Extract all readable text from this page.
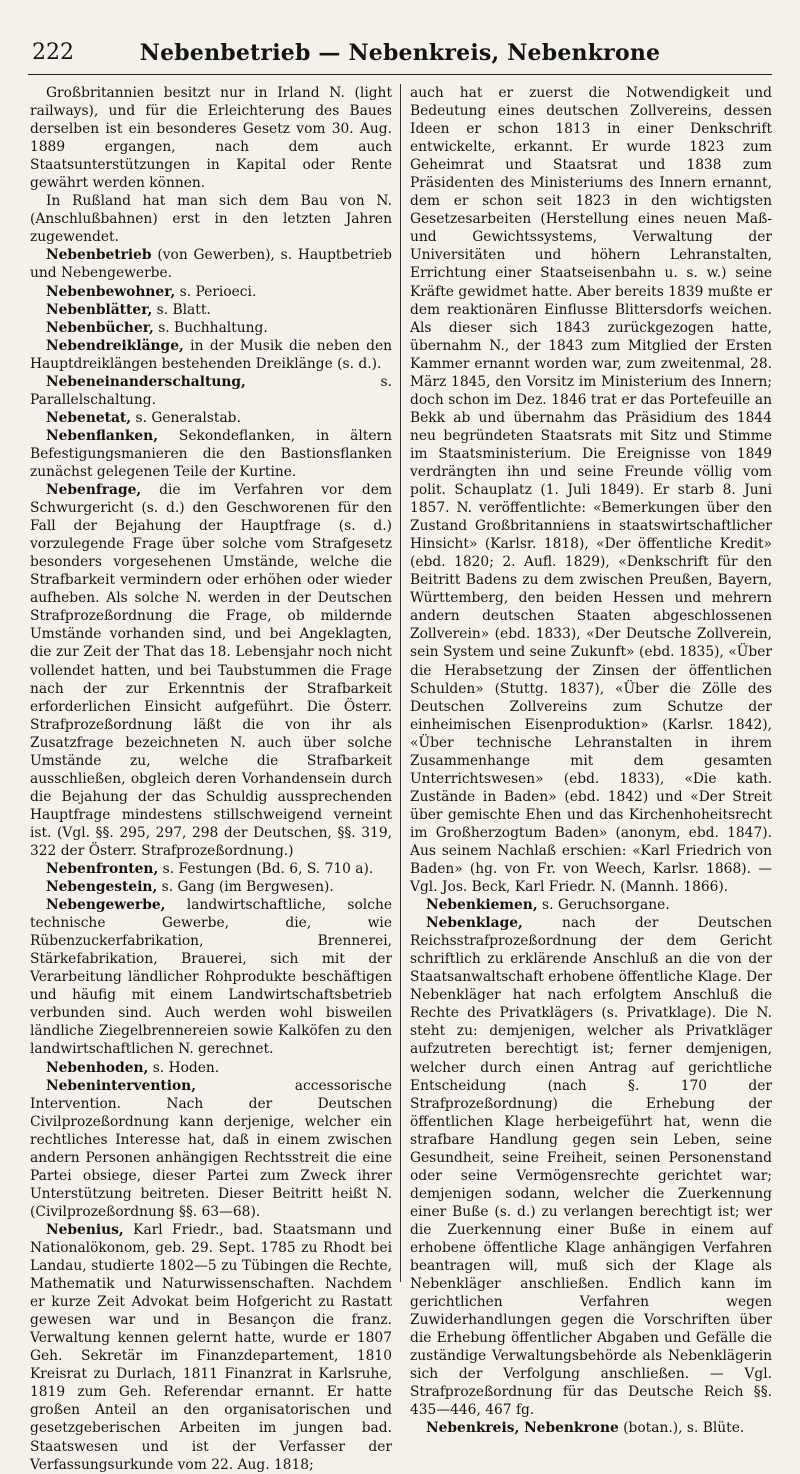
222	Nebenbetrieb — Nebenkreis, Nebenkrone

Großbritannien besitzt nur in Irland N. (light railways), und für die Erleichterung des Baues derselben ist ein besonderes Gesetz vom 30. Aug. 1889 ergangen, nach dem auch Staatsunterstützungen in Kapital oder Rente gewährt werden können.

In Rußland hat man sich dem Bau von N. (Anschlußbahnen) erst in den letzten Jahren zugewendet.

Nebenbetrieb (von Gewerben), s. Hauptbetrieb und Nebengewerbe.

Nebenbewohner, s. Perioeci.

Nebenblätter, s. Blatt.

Nebenbücher, s. Buchhaltung.

Nebendreiklänge, in der Musik die neben den Hauptdreiklängen bestehenden Dreiklänge (s. d.).

Nebeneinanderschaltung, s. Parallelschaltung.

Nebenetat, s. Generalstab.

Nebenflanken, Sekondeflanken, in ältern Befestigungsmanieren die den Bastionsflanken zunächst gelegenen Teile der Kurtine.

Nebenfrage, die im Verfahren vor dem Schwurgericht (s. d.) den Geschworenen für den Fall der Bejahung der Hauptfrage (s. d.) vorzulegende Frage über solche vom Strafgesetz besonders vorgesehenen Umstände, welche die Strafbarkeit vermindern oder erhöhen oder wieder aufheben. Als solche N. werden in der Deutschen Strafprozeßordnung die Frage, ob mildernde Umstände vorhanden sind, und bei Angeklagten, die zur Zeit der That das 18. Lebensjahr noch nicht vollendet hatten, und bei Taubstummen die Frage nach der zur Erkenntnis der Strafbarkeit erforderlichen Einsicht aufgeführt. Die Österr. Strafprozeßordnung läßt die von ihr als Zusatzfrage bezeichneten N. auch über solche Umstände zu, welche die Strafbarkeit ausschließen, obgleich deren Vorhandensein durch die Bejahung der das Schuldig aussprechenden Hauptfrage mindestens stillschweigend verneint ist. (Vgl. §§. 295, 297, 298 der Deutschen, §§. 319, 322 der Österr. Strafprozeßordnung.)

Nebenfronten, s. Festungen (Bd. 6, S. 710 a).

Nebengestein, s. Gang (im Bergwesen).

Nebengewerbe, landwirtschaftliche, solche technische Gewerbe, die, wie Rübenzuckerfabrikation, Brennerei, Stärkefabrikation, Brauerei, sich mit der Verarbeitung ländlicher Rohprodukte beschäftigen und häufig mit einem Landwirtschaftsbetrieb verbunden sind. Auch werden wohl bisweilen ländliche Ziegelbrennereien sowie Kalköfen zu den landwirtschaftlichen N. gerechnet.

Nebenhoden, s. Hoden.

Nebenintervention, accessorische Intervention. Nach der Deutschen Civilprozeßordnung kann derjenige, welcher ein rechtliches Interesse hat, daß in einem zwischen andern Personen anhängigen Rechtsstreit die eine Partei obsiege, dieser Partei zum Zweck ihrer Unterstützung beitreten. Dieser Beitritt heißt N. (Civilprozeßordnung §§. 63—68).

Nebenius, Karl Friedr., bad. Staatsmann und Nationalökonom, geb. 29. Sept. 1785 zu Rhodt bei Landau, studierte 1802—5 zu Tübingen die Rechte, Mathematik und Naturwissenschaften. Nachdem er kurze Zeit Advokat beim Hofgericht zu Rastatt gewesen war und in Besançon die franz. Verwaltung kennen gelernt hatte, wurde er 1807 Geh. Sekretär im Finanzdepartement, 1810 Kreisrat zu Durlach, 1811 Finanzrat in Karlsruhe, 1819 zum Geh. Referendar ernannt. Er hatte großen Anteil an den organisatorischen und gesetzgeberischen Arbeiten im jungen bad. Staatswesen und ist der Verfasser der Verfassungsurkunde vom 22. Aug. 1818;

auch hat er zuerst die Notwendigkeit und Bedeutung eines deutschen Zollvereins, dessen Ideen er schon 1813 in einer Denkschrift entwickelte, erkannt. Er wurde 1823 zum Geheimrat und Staatsrat und 1838 zum Präsidenten des Ministeriums des Innern ernannt, dem er schon seit 1823 in den wichtigsten Gesetzesarbeiten (Herstellung eines neuen Maß- und Gewichtssystems, Verwaltung der Universitäten und höhern Lehranstalten, Errichtung einer Staatseisenbahn u. s. w.) seine Kräfte gewidmet hatte. Aber bereits 1839 mußte er dem reaktionären Einflusse Blittersdorfs weichen. Als dieser sich 1843 zurückgezogen hatte, übernahm N., der 1843 zum Mitglied der Ersten Kammer ernannt worden war, zum zweitenmal, 28. März 1845, den Vorsitz im Ministerium des Innern; doch schon im Dez. 1846 trat er das Portefeuille an Bekk ab und übernahm das Präsidium des 1844 neu begründeten Staatsrats mit Sitz und Stimme im Staatsministerium. Die Ereignisse von 1849 verdrängten ihn und seine Freunde völlig vom polit. Schauplatz (1. Juli 1849). Er starb 8. Juni 1857. N. veröffentlichte: «Bemerkungen über den Zustand Großbritanniens in staatswirtschaftlicher Hinsicht» (Karlsr. 1818), «Der öffentliche Kredit» (ebd. 1820; 2. Aufl. 1829), «Denkschrift für den Beitritt Badens zu dem zwischen Preußen, Bayern, Württemberg, den beiden Hessen und mehrern andern deutschen Staaten abgeschlossenen Zollverein» (ebd. 1833), «Der Deutsche Zollverein, sein System und seine Zukunft» (ebd. 1835), «Über die Herabsetzung der Zinsen der öffentlichen Schulden» (Stuttg. 1837), «Über die Zölle des Deutschen Zollvereins zum Schutze der einheimischen Eisenproduktion» (Karlsr. 1842), «Über technische Lehranstalten in ihrem Zusammenhange mit dem gesamten Unterrichtswesen» (ebd. 1833), «Die kath. Zustände in Baden» (ebd. 1842) und «Der Streit über gemischte Ehen und das Kirchenhoheitsrecht im Großherzogtum Baden» (anonym, ebd. 1847). Aus seinem Nachlaß erschien: «Karl Friedrich von Baden» (hg. von Fr. von Weech, Karlsr. 1868). — Vgl. Jos. Beck, Karl Friedr. N. (Mannh. 1866).

Nebenkiemen, s. Geruchsorgane.

Nebenklage, nach der Deutschen Reichsstrafprozeßordnung der dem Gericht schriftlich zu erklärende Anschluß an die von der Staatsanwaltschaft erhobene öffentliche Klage. Der Nebenkläger hat nach erfolgtem Anschluß die Rechte des Privatklägers (s. Privatklage). Die N. steht zu: demjenigen, welcher als Privatkläger aufzutreten berechtigt ist; ferner demjenigen, welcher durch einen Antrag auf gerichtliche Entscheidung (nach §. 170 der Strafprozeßordnung) die Erhebung der öffentlichen Klage herbeigeführt hat, wenn die strafbare Handlung gegen sein Leben, seine Gesundheit, seine Freiheit, seinen Personenstand oder seine Vermögensrechte gerichtet war; demjenigen sodann, welcher die Zuerkennung einer Buße (s. d.) zu verlangen berechtigt ist; wer die Zuerkennung einer Buße in einem auf erhobene öffentliche Klage anhängigen Verfahren beantragen will, muß sich der Klage als Nebenkläger anschließen. Endlich kann im gerichtlichen Verfahren wegen Zuwiderhandlungen gegen die Vorschriften über die Erhebung öffentlicher Abgaben und Gefälle die zuständige Verwaltungsbehörde als Nebenklägerin sich der Verfolgung anschließen. — Vgl. Strafprozeßordnung für das Deutsche Reich §§. 435—446, 467 fg.

Nebenkreis, Nebenkrone (botan.), s. Blüte.
